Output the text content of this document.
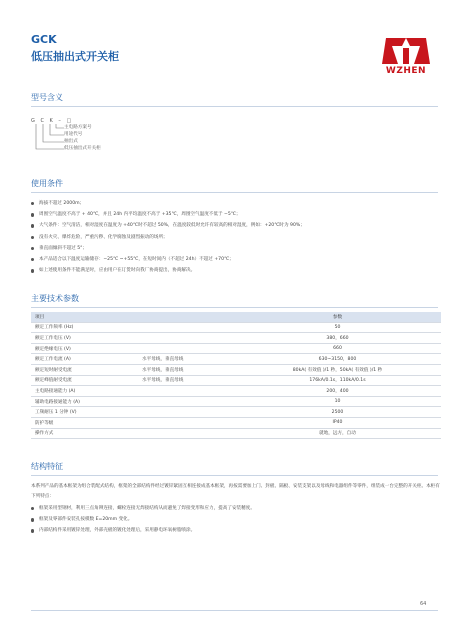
GCK
低压抽出式开关柜
WZHEN
型号含义
G C K – □
主电路方案号
用途代号
抽出式
低压抽出式开关柜
使用条件
海拔不超过 2000m；
周围空气温度不高于 + 40℃，并且 24h 内平均温度不高于 +35℃，周围空气温度不低于 −5℃；
大气条件：空气清洁，相对湿度在温度为 +40℃时不超过 50%，在温度较低时允许有较高的相对湿度，例如：+20℃时为 90%；
没有火灾、爆炸危险，严重污秽、化学腐蚀及剧烈振动的场所；
垂直面倾斜不超过 5°；
本产品适合以下温度运输储存：−25℃ ~+55℃，在短时间内（不超过 24h）不超过 +70℃；
如上述使用条件不能满足时，应由用户在订货时向我厂协商提出，协商解决。
主要技术参数
项目		参数
额定工作频率 (Hz)		50
额定工作电压 (V)		380，660
额定绝缘电压 (V)		660
额定工作电流 (A)	水平母线，垂直母线	630~3150，800
额定短时耐受电流	水平母线，垂直母线	80kA( 有效值 )/1 秒，50kA( 有效值 )/1 秒
额定峰值耐受电流	水平母线，垂直母线	176kA/0.1s，110kA/0.1s
主电路接通能力 (A)		200，400
辅助电路接通能力 (A)		10
工频耐压 1 分钟 (V)		2500
防护等级		IP40
操作方式		就地，远方，自动
结构特征
本系列产品的基本框架为组合装配式结构，框架的全部结构件经过镀锌紧固互相连接成基本框架，再按需要加上门、封板、隔板、安装支架以及母线和电器组件等零件，组装成一台完整的开关柜。本柜有下列特点：
框架采用型钢材，利用三点角铆连接，螺栓连接无焊接结构从而避免了焊接变形和应力，提高了安装精度。
框架及零部件安装孔按模数 E=20mm 变化。
内部结构件采用镀锌处理，外部壳板的镀化处理后，采用静电环氧树脂喷涂。
64
